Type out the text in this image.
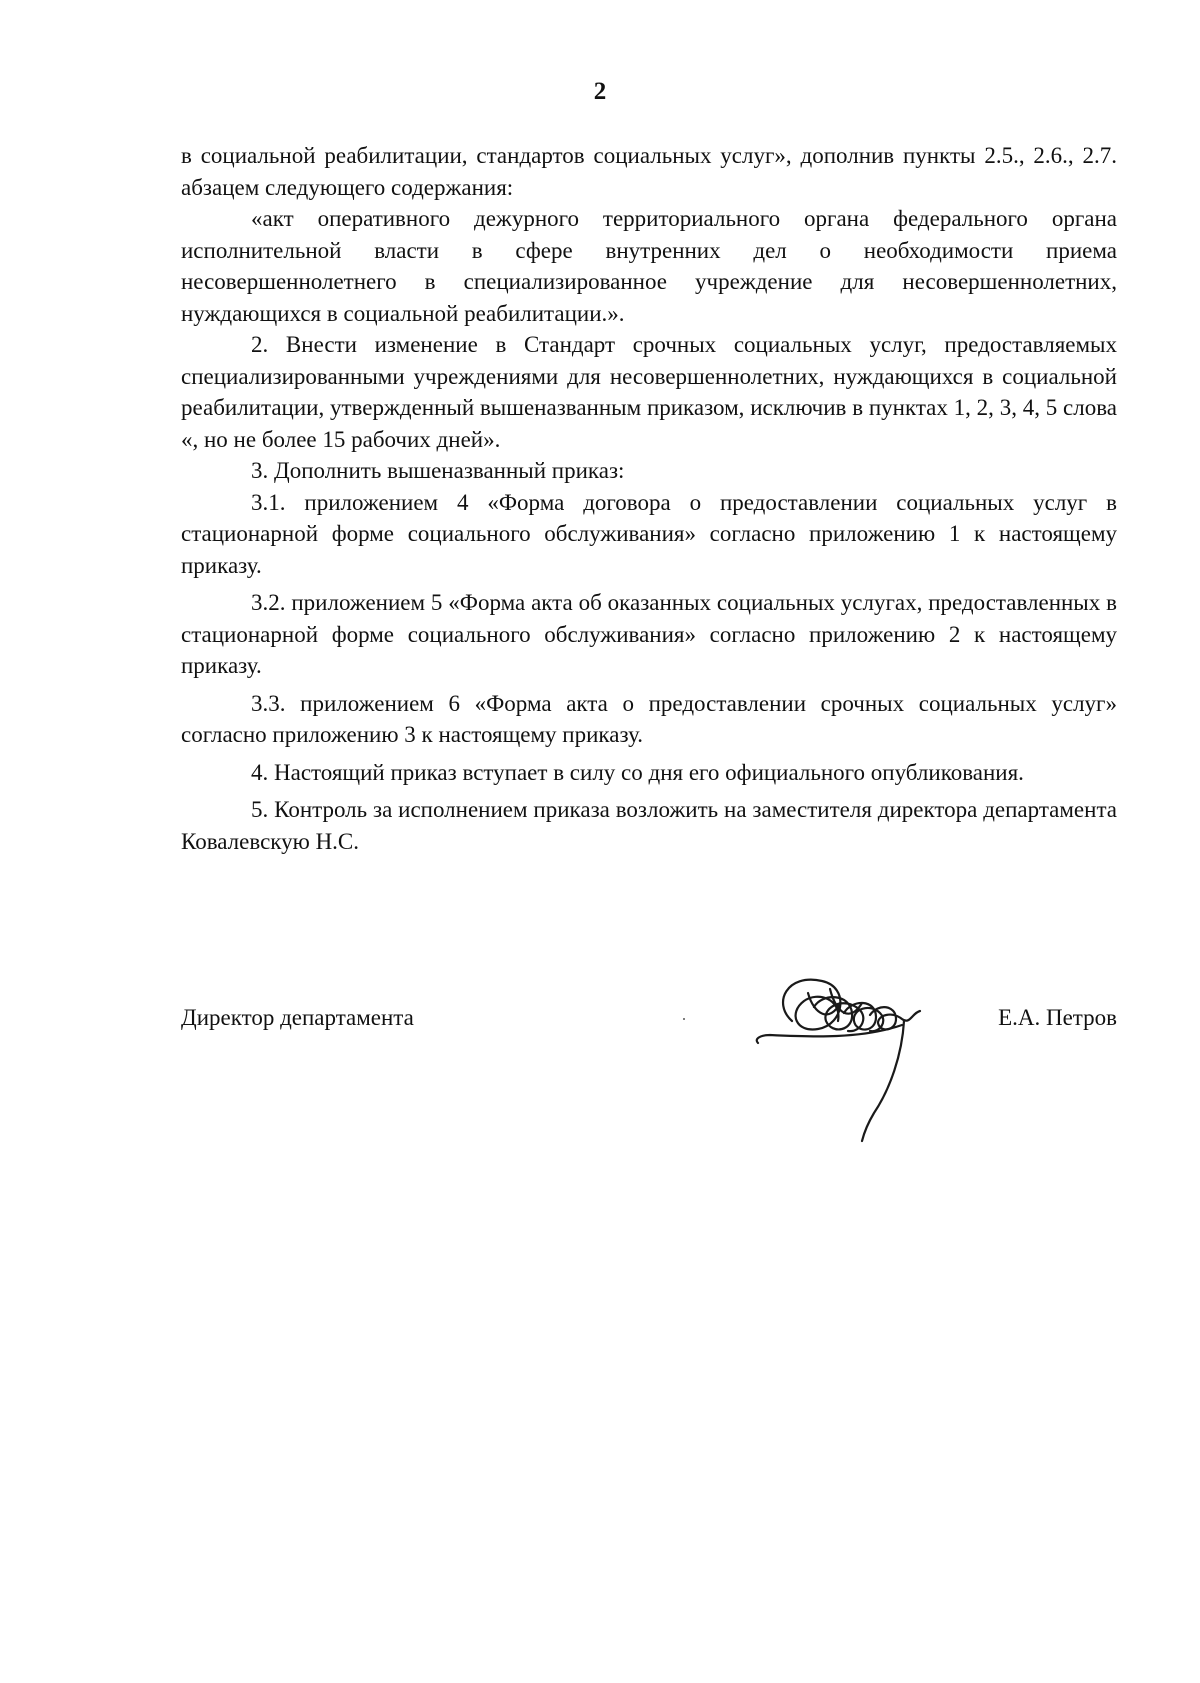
2

в социальной реабилитации, стандартов социальных услуг», дополнив пункты 2.5., 2.6., 2.7. абзацем следующего содержания:

«акт оперативного дежурного территориального органа федерального органа исполнительной власти в сфере внутренних дел о необходимости приема несовершеннолетнего в специализированное учреждение для несовершеннолетних, нуждающихся в социальной реабилитации.».

2. Внести изменение в Стандарт срочных социальных услуг, предоставляемых специализированными учреждениями для несовершеннолетних, нуждающихся в социальной реабилитации, утвержденный вышеназванным приказом, исключив в пунктах 1, 2, 3, 4, 5 слова «, но не более 15 рабочих дней».

3. Дополнить вышеназванный приказ:

3.1. приложением 4 «Форма договора о предоставлении социальных услуг в стационарной форме социального обслуживания» согласно приложению 1 к настоящему приказу.

3.2. приложением 5 «Форма акта об оказанных социальных услугах, предоставленных в стационарной форме социального обслуживания» согласно приложению 2 к настоящему приказу.

3.3. приложением 6 «Форма акта о предоставлении срочных социальных услуг» согласно приложению 3 к настоящему приказу.

4. Настоящий приказ вступает в силу со дня его официального опубликования.

5. Контроль за исполнением приказа возложить на заместителя директора департамента Ковалевскую Н.С.

Директор департамента	Е.А. Петров
